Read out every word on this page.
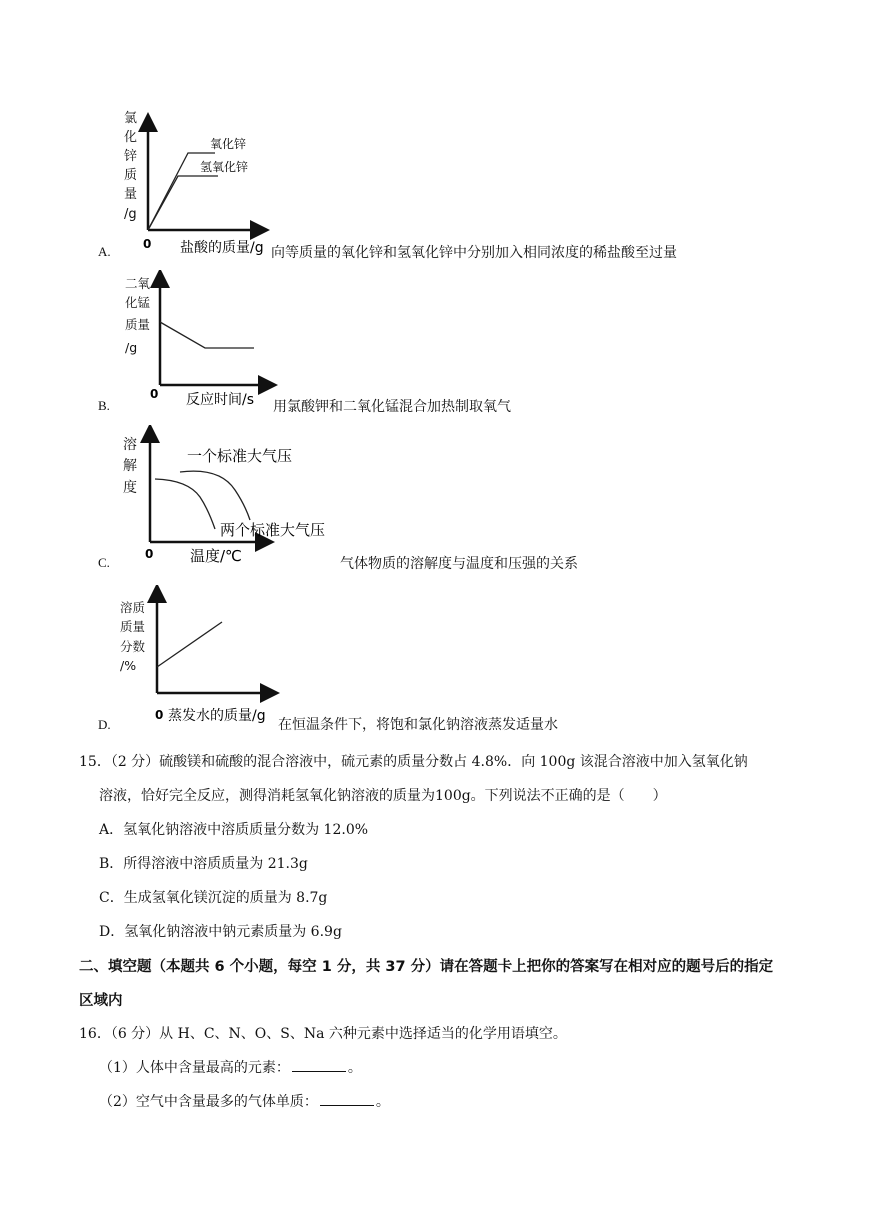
氯 化 锌 质 量 /g
0 盐酸的质量/g
氧化锌
氢氧化锌
A.	向等质量的氧化锌和氢氧化锌中分别加入相同浓度的稀盐酸至过量
二氧 化锰 质量 /g
0 反应时间/s
B.	用氯酸钾和二氧化锰混合加热制取氧气
溶 解 度
0 温度/℃
一个标准大气压
两个标准大气压
C.	气体物质的溶解度与温度和压强的关系
溶质 质量 分数 /%
0 蒸发水的质量/g
D.	在恒温条件下，将饱和氯化钠溶液蒸发适量水
15．（2 分）硫酸镁和硫酸的混合溶液中，硫元素的质量分数占 4.8%．向 100g 该混合溶液中加入氢氧化钠
溶液，恰好完全反应，测得消耗氢氧化钠溶液的质量为100g。下列说法不正确的是（　　）
A．氢氧化钠溶液中溶质质量分数为 12.0%
B．所得溶液中溶质质量为 21.3g
C．生成氢氧化镁沉淀的质量为 8.7g
D．氢氧化钠溶液中钠元素质量为 6.9g
二、填空题（本题共 6 个小题，每空 1 分，共 37 分）请在答题卡上把你的答案写在相对应的题号后的指定
区域内
16．（6 分）从 H、C、N、O、S、Na 六种元素中选择适当的化学用语填空。
（1）人体中含量最高的元素：	。
（2）空气中含量最多的气体单质：	。
